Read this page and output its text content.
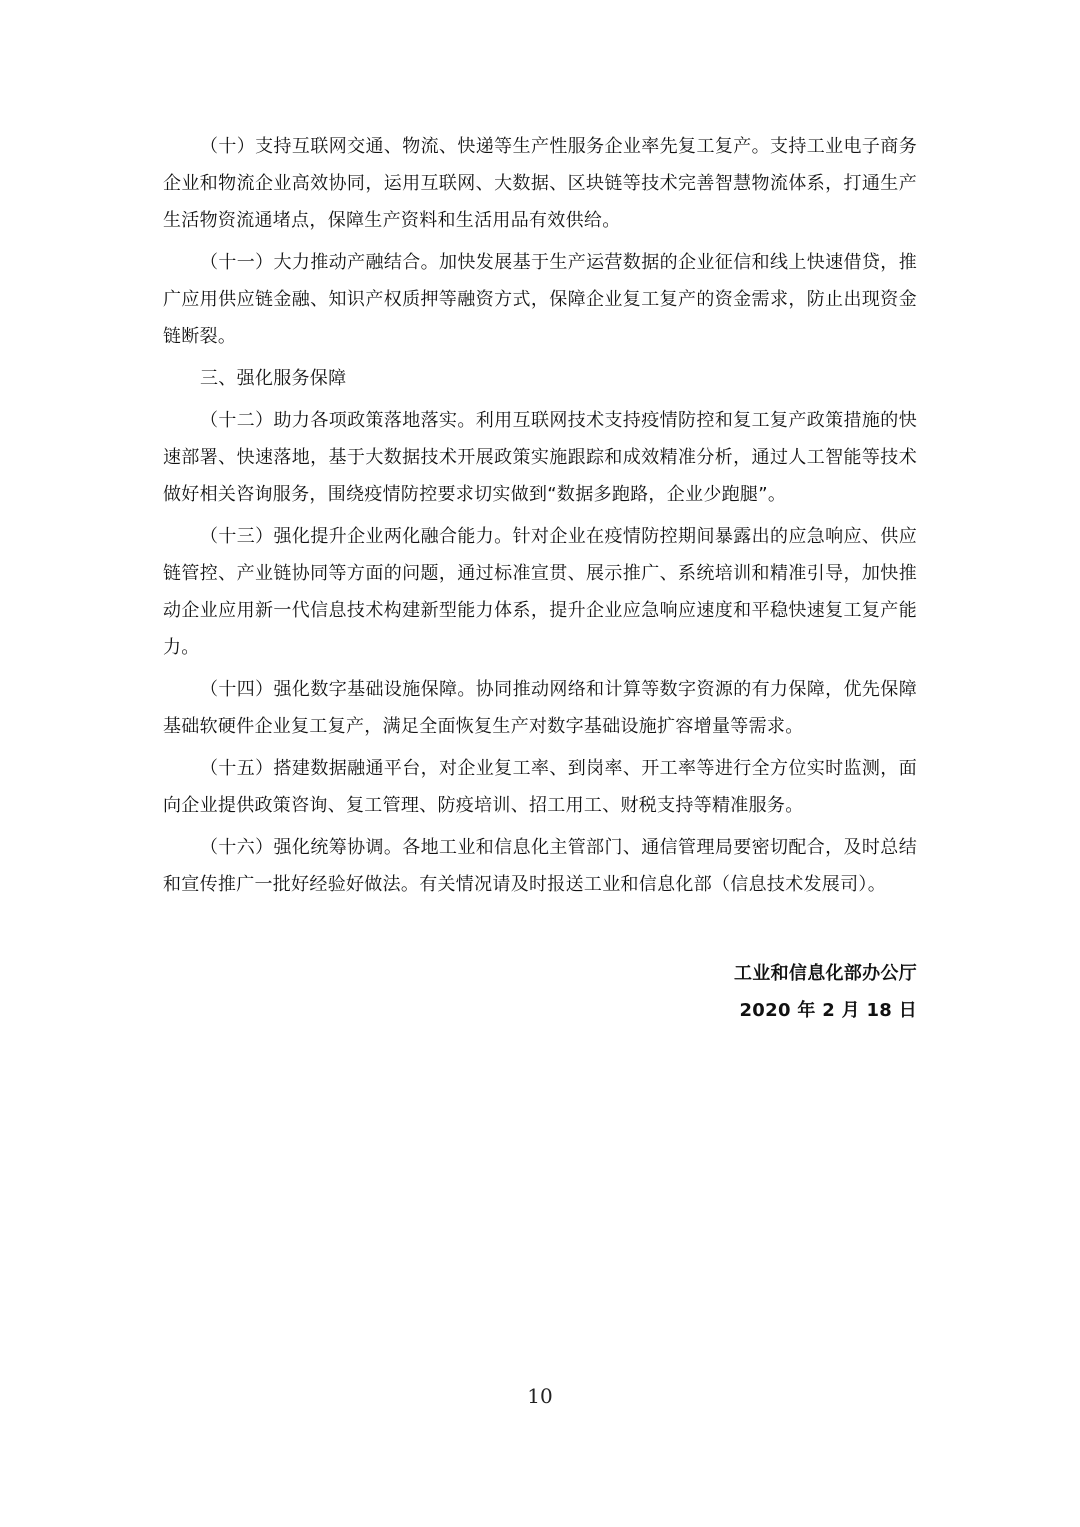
（十）支持互联网交通、物流、快递等生产性服务企业率先复工复产。支持工业电子商务企业和物流企业高效协同，运用互联网、大数据、区块链等技术完善智慧物流体系，打通生产生活物资流通堵点，保障生产资料和生活用品有效供给。

（十一）大力推动产融结合。加快发展基于生产运营数据的企业征信和线上快速借贷，推广应用供应链金融、知识产权质押等融资方式，保障企业复工复产的资金需求，防止出现资金链断裂。

三、强化服务保障

（十二）助力各项政策落地落实。利用互联网技术支持疫情防控和复工复产政策措施的快速部署、快速落地，基于大数据技术开展政策实施跟踪和成效精准分析，通过人工智能等技术做好相关咨询服务，围绕疫情防控要求切实做到“数据多跑路，企业少跑腿”。

（十三）强化提升企业两化融合能力。针对企业在疫情防控期间暴露出的应急响应、供应链管控、产业链协同等方面的问题，通过标准宣贯、展示推广、系统培训和精准引导，加快推动企业应用新一代信息技术构建新型能力体系，提升企业应急响应速度和平稳快速复工复产能力。

（十四）强化数字基础设施保障。协同推动网络和计算等数字资源的有力保障，优先保障基础软硬件企业复工复产，满足全面恢复生产对数字基础设施扩容增量等需求。

（十五）搭建数据融通平台，对企业复工率、到岗率、开工率等进行全方位实时监测，面向企业提供政策咨询、复工管理、防疫培训、招工用工、财税支持等精准服务。

（十六）强化统筹协调。各地工业和信息化主管部门、通信管理局要密切配合，及时总结和宣传推广一批好经验好做法。有关情况请及时报送工业和信息化部（信息技术发展司）。

工业和信息化部办公厅
2020 年 2 月 18 日
10
